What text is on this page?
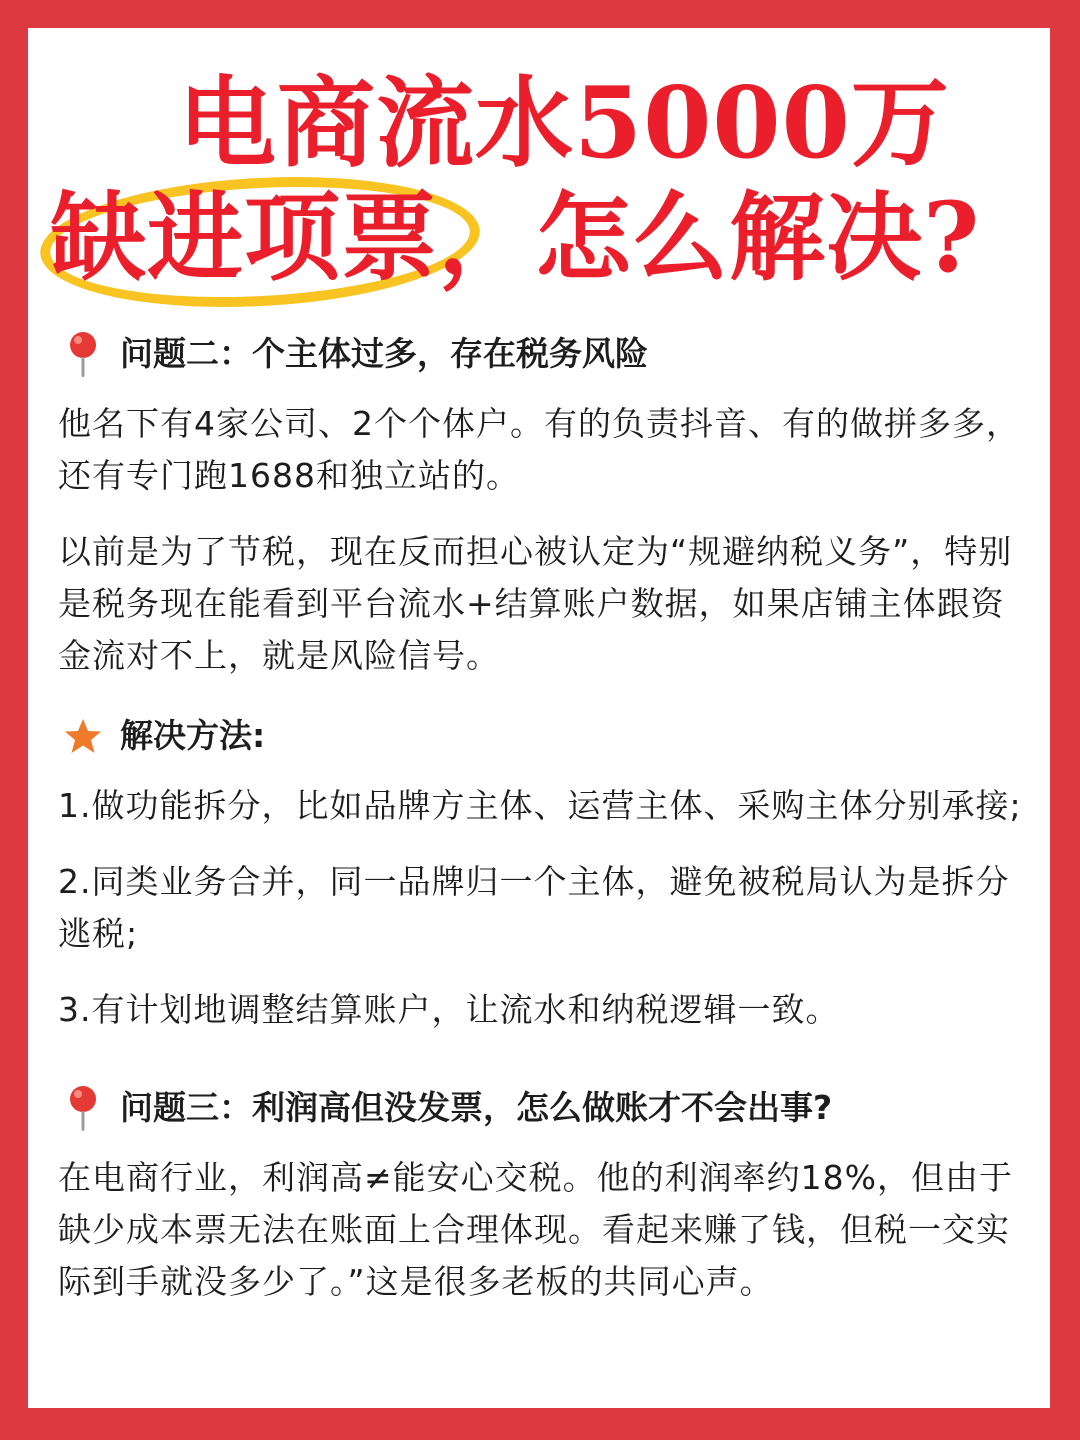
电商流水5000万
缺进项票，怎么解决?
问题二：个主体过多，存在税务风险

他名下有4家公司、2个个体户。有的负责抖音、有的做拼多多，还有专门跑1688和独立站的。

以前是为了节税，现在反而担心被认定为“规避纳税义务”，特别是税务现在能看到平台流水+结算账户数据，如果店铺主体跟资金流对不上，就是风险信号。

解决方法:

1.做功能拆分，比如品牌方主体、运营主体、采购主体分别承接;

2.同类业务合并，同一品牌归一个主体，避免被税局认为是拆分逃税;

3.有计划地调整结算账户，让流水和纳税逻辑一致。

问题三：利润高但没发票，怎么做账才不会出事?

在电商行业，利润高≠能安心交税。他的利润率约18%，但由于缺少成本票无法在账面上合理体现。看起来赚了钱，但税一交实际到手就没多少了。”这是很多老板的共同心声。
